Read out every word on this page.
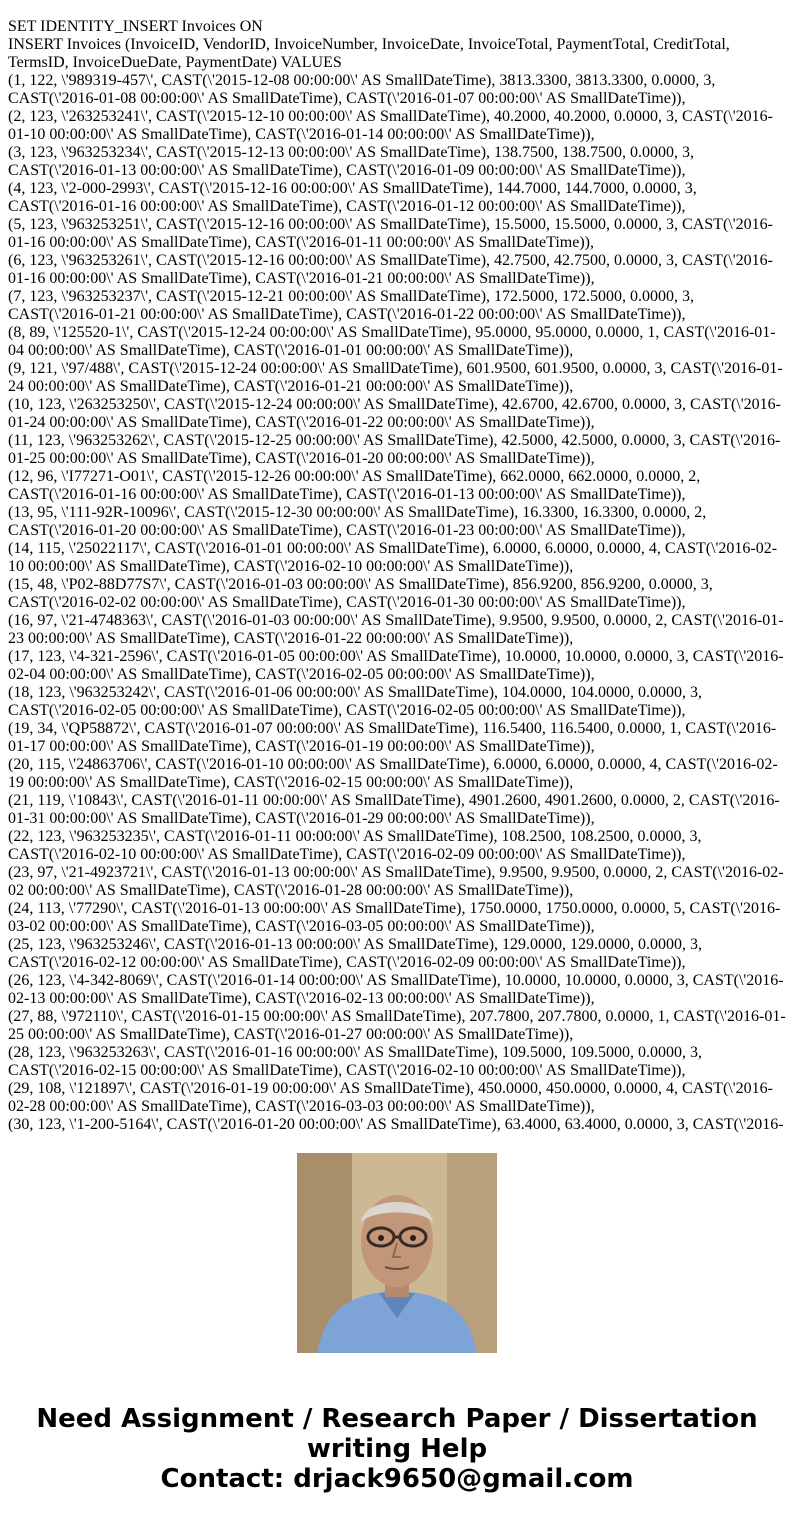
SET IDENTITY_INSERT Invoices ON
INSERT Invoices (InvoiceID, VendorID, InvoiceNumber, InvoiceDate, InvoiceTotal, PaymentTotal, CreditTotal, TermsID, InvoiceDueDate, PaymentDate) VALUES
(1, 122, \'989319-457\', CAST(\'2015-12-08 00:00:00\' AS SmallDateTime), 3813.3300, 3813.3300, 0.0000, 3, CAST(\'2016-01-08 00:00:00\' AS SmallDateTime), CAST(\'2016-01-07 00:00:00\' AS SmallDateTime)),
(2, 123, \'263253241\', CAST(\'2015-12-10 00:00:00\' AS SmallDateTime), 40.2000, 40.2000, 0.0000, 3, CAST(\'2016-01-10 00:00:00\' AS SmallDateTime), CAST(\'2016-01-14 00:00:00\' AS SmallDateTime)),
(3, 123, \'963253234\', CAST(\'2015-12-13 00:00:00\' AS SmallDateTime), 138.7500, 138.7500, 0.0000, 3, CAST(\'2016-01-13 00:00:00\' AS SmallDateTime), CAST(\'2016-01-09 00:00:00\' AS SmallDateTime)),
(4, 123, \'2-000-2993\', CAST(\'2015-12-16 00:00:00\' AS SmallDateTime), 144.7000, 144.7000, 0.0000, 3, CAST(\'2016-01-16 00:00:00\' AS SmallDateTime), CAST(\'2016-01-12 00:00:00\' AS SmallDateTime)),
(5, 123, \'963253251\', CAST(\'2015-12-16 00:00:00\' AS SmallDateTime), 15.5000, 15.5000, 0.0000, 3, CAST(\'2016-01-16 00:00:00\' AS SmallDateTime), CAST(\'2016-01-11 00:00:00\' AS SmallDateTime)),
(6, 123, \'963253261\', CAST(\'2015-12-16 00:00:00\' AS SmallDateTime), 42.7500, 42.7500, 0.0000, 3, CAST(\'2016-01-16 00:00:00\' AS SmallDateTime), CAST(\'2016-01-21 00:00:00\' AS SmallDateTime)),
(7, 123, \'963253237\', CAST(\'2015-12-21 00:00:00\' AS SmallDateTime), 172.5000, 172.5000, 0.0000, 3, CAST(\'2016-01-21 00:00:00\' AS SmallDateTime), CAST(\'2016-01-22 00:00:00\' AS SmallDateTime)),
(8, 89, \'125520-1\', CAST(\'2015-12-24 00:00:00\' AS SmallDateTime), 95.0000, 95.0000, 0.0000, 1, CAST(\'2016-01-04 00:00:00\' AS SmallDateTime), CAST(\'2016-01-01 00:00:00\' AS SmallDateTime)),
(9, 121, \'97/488\', CAST(\'2015-12-24 00:00:00\' AS SmallDateTime), 601.9500, 601.9500, 0.0000, 3, CAST(\'2016-01-24 00:00:00\' AS SmallDateTime), CAST(\'2016-01-21 00:00:00\' AS SmallDateTime)),
(10, 123, \'263253250\', CAST(\'2015-12-24 00:00:00\' AS SmallDateTime), 42.6700, 42.6700, 0.0000, 3, CAST(\'2016-01-24 00:00:00\' AS SmallDateTime), CAST(\'2016-01-22 00:00:00\' AS SmallDateTime)),
(11, 123, \'963253262\', CAST(\'2015-12-25 00:00:00\' AS SmallDateTime), 42.5000, 42.5000, 0.0000, 3, CAST(\'2016-01-25 00:00:00\' AS SmallDateTime), CAST(\'2016-01-20 00:00:00\' AS SmallDateTime)),
(12, 96, \'I77271-O01\', CAST(\'2015-12-26 00:00:00\' AS SmallDateTime), 662.0000, 662.0000, 0.0000, 2, CAST(\'2016-01-16 00:00:00\' AS SmallDateTime), CAST(\'2016-01-13 00:00:00\' AS SmallDateTime)),
(13, 95, \'111-92R-10096\', CAST(\'2015-12-30 00:00:00\' AS SmallDateTime), 16.3300, 16.3300, 0.0000, 2, CAST(\'2016-01-20 00:00:00\' AS SmallDateTime), CAST(\'2016-01-23 00:00:00\' AS SmallDateTime)),
(14, 115, \'25022117\', CAST(\'2016-01-01 00:00:00\' AS SmallDateTime), 6.0000, 6.0000, 0.0000, 4, CAST(\'2016-02-10 00:00:00\' AS SmallDateTime), CAST(\'2016-02-10 00:00:00\' AS SmallDateTime)),
(15, 48, \'P02-88D77S7\', CAST(\'2016-01-03 00:00:00\' AS SmallDateTime), 856.9200, 856.9200, 0.0000, 3, CAST(\'2016-02-02 00:00:00\' AS SmallDateTime), CAST(\'2016-01-30 00:00:00\' AS SmallDateTime)),
(16, 97, \'21-4748363\', CAST(\'2016-01-03 00:00:00\' AS SmallDateTime), 9.9500, 9.9500, 0.0000, 2, CAST(\'2016-01-23 00:00:00\' AS SmallDateTime), CAST(\'2016-01-22 00:00:00\' AS SmallDateTime)),
(17, 123, \'4-321-2596\', CAST(\'2016-01-05 00:00:00\' AS SmallDateTime), 10.0000, 10.0000, 0.0000, 3, CAST(\'2016-02-04 00:00:00\' AS SmallDateTime), CAST(\'2016-02-05 00:00:00\' AS SmallDateTime)),
(18, 123, \'963253242\', CAST(\'2016-01-06 00:00:00\' AS SmallDateTime), 104.0000, 104.0000, 0.0000, 3, CAST(\'2016-02-05 00:00:00\' AS SmallDateTime), CAST(\'2016-02-05 00:00:00\' AS SmallDateTime)),
(19, 34, \'QP58872\', CAST(\'2016-01-07 00:00:00\' AS SmallDateTime), 116.5400, 116.5400, 0.0000, 1, CAST(\'2016-01-17 00:00:00\' AS SmallDateTime), CAST(\'2016-01-19 00:00:00\' AS SmallDateTime)),
(20, 115, \'24863706\', CAST(\'2016-01-10 00:00:00\' AS SmallDateTime), 6.0000, 6.0000, 0.0000, 4, CAST(\'2016-02-19 00:00:00\' AS SmallDateTime), CAST(\'2016-02-15 00:00:00\' AS SmallDateTime)),
(21, 119, \'10843\', CAST(\'2016-01-11 00:00:00\' AS SmallDateTime), 4901.2600, 4901.2600, 0.0000, 2, CAST(\'2016-01-31 00:00:00\' AS SmallDateTime), CAST(\'2016-01-29 00:00:00\' AS SmallDateTime)),
(22, 123, \'963253235\', CAST(\'2016-01-11 00:00:00\' AS SmallDateTime), 108.2500, 108.2500, 0.0000, 3, CAST(\'2016-02-10 00:00:00\' AS SmallDateTime), CAST(\'2016-02-09 00:00:00\' AS SmallDateTime)),
(23, 97, \'21-4923721\', CAST(\'2016-01-13 00:00:00\' AS SmallDateTime), 9.9500, 9.9500, 0.0000, 2, CAST(\'2016-02-02 00:00:00\' AS SmallDateTime), CAST(\'2016-01-28 00:00:00\' AS SmallDateTime)),
(24, 113, \'77290\', CAST(\'2016-01-13 00:00:00\' AS SmallDateTime), 1750.0000, 1750.0000, 0.0000, 5, CAST(\'2016-03-02 00:00:00\' AS SmallDateTime), CAST(\'2016-03-05 00:00:00\' AS SmallDateTime)),
(25, 123, \'963253246\', CAST(\'2016-01-13 00:00:00\' AS SmallDateTime), 129.0000, 129.0000, 0.0000, 3, CAST(\'2016-02-12 00:00:00\' AS SmallDateTime), CAST(\'2016-02-09 00:00:00\' AS SmallDateTime)),
(26, 123, \'4-342-8069\', CAST(\'2016-01-14 00:00:00\' AS SmallDateTime), 10.0000, 10.0000, 0.0000, 3, CAST(\'2016-02-13 00:00:00\' AS SmallDateTime), CAST(\'2016-02-13 00:00:00\' AS SmallDateTime)),
(27, 88, \'972110\', CAST(\'2016-01-15 00:00:00\' AS SmallDateTime), 207.7800, 207.7800, 0.0000, 1, CAST(\'2016-01-25 00:00:00\' AS SmallDateTime), CAST(\'2016-01-27 00:00:00\' AS SmallDateTime)),
(28, 123, \'963253263\', CAST(\'2016-01-16 00:00:00\' AS SmallDateTime), 109.5000, 109.5000, 0.0000, 3, CAST(\'2016-02-15 00:00:00\' AS SmallDateTime), CAST(\'2016-02-10 00:00:00\' AS SmallDateTime)),
(29, 108, \'121897\', CAST(\'2016-01-19 00:00:00\' AS SmallDateTime), 450.0000, 450.0000, 0.0000, 4, CAST(\'2016-02-28 00:00:00\' AS SmallDateTime), CAST(\'2016-03-03 00:00:00\' AS SmallDateTime)),
(30, 123, \'1-200-5164\', CAST(\'2016-01-20 00:00:00\' AS SmallDateTime), 63.4000, 63.4000, 0.0000, 3, CAST(\'2016-
Need Assignment / Research Paper / Dissertation
writing Help
Contact: drjack9650@gmail.com
